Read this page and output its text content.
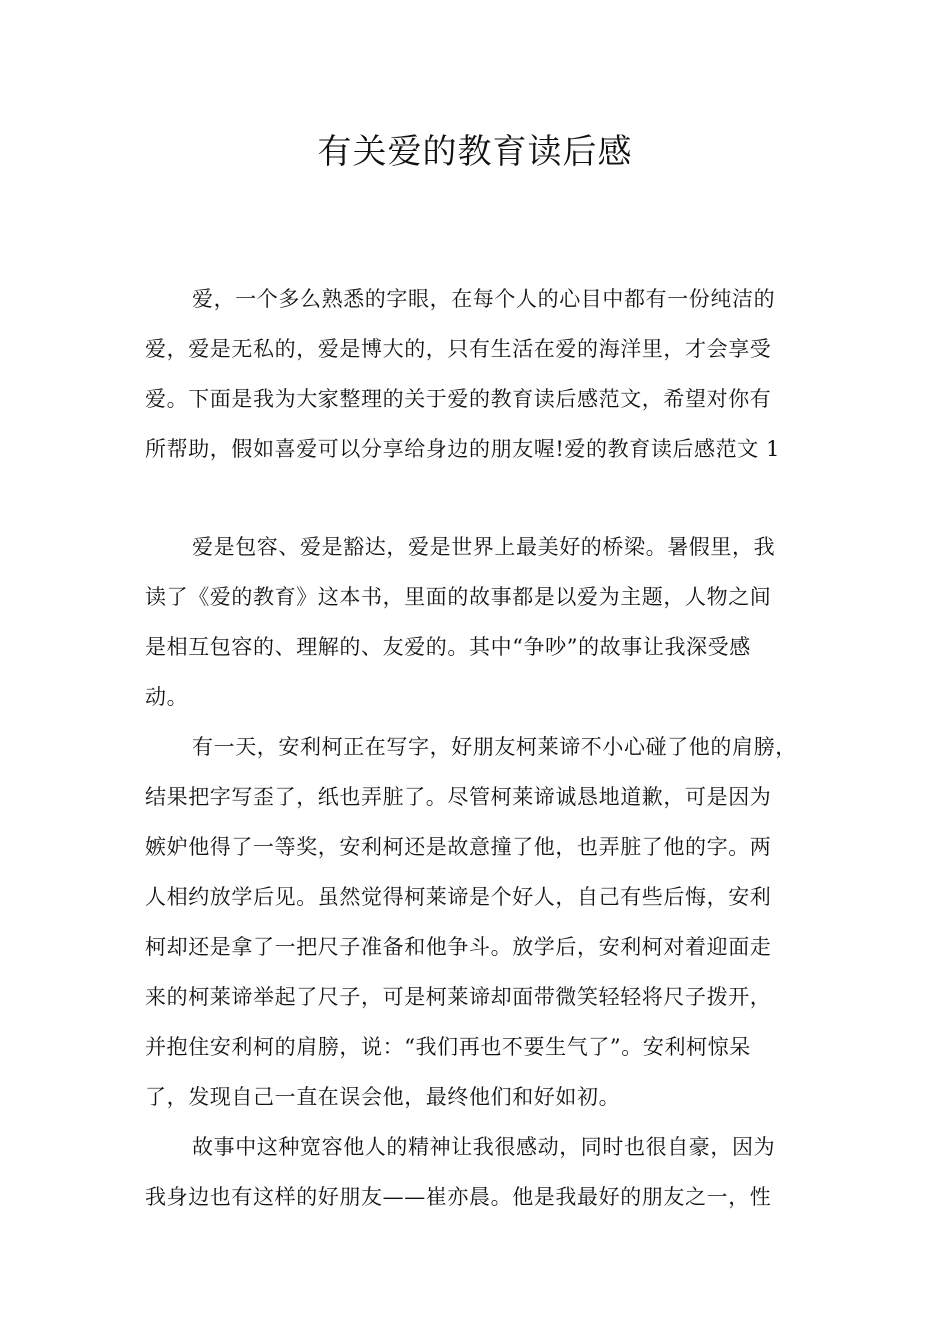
有关爱的教育读后感

爱，一个多么熟悉的字眼，在每个人的心目中都有一份纯洁的

爱，爱是无私的，爱是博大的，只有生活在爱的海洋里，才会享受

爱。下面是我为大家整理的关于爱的教育读后感范文，希望对你有

所帮助，假如喜爱可以分享给身边的朋友喔!爱的教育读后感范文 1

爱是包容、爱是豁达，爱是世界上最美好的桥梁。暑假里，我

读了《爱的教育》这本书，里面的故事都是以爱为主题，人物之间

是相互包容的、理解的、友爱的。其中“争吵”的故事让我深受感

动。

有一天，安利柯正在写字，好朋友柯莱谛不小心碰了他的肩膀，

结果把字写歪了，纸也弄脏了。尽管柯莱谛诚恳地道歉，可是因为

嫉妒他得了一等奖，安利柯还是故意撞了他，也弄脏了他的字。两

人相约放学后见。虽然觉得柯莱谛是个好人，自己有些后悔，安利

柯却还是拿了一把尺子准备和他争斗。放学后，安利柯对着迎面走

来的柯莱谛举起了尺子，可是柯莱谛却面带微笑轻轻将尺子拨开，

并抱住安利柯的肩膀，说：“我们再也不要生气了”。安利柯惊呆

了，发现自己一直在误会他，最终他们和好如初。

故事中这种宽容他人的精神让我很感动，同时也很自豪，因为

我身边也有这样的好朋友——崔亦晨。他是我最好的朋友之一，性
